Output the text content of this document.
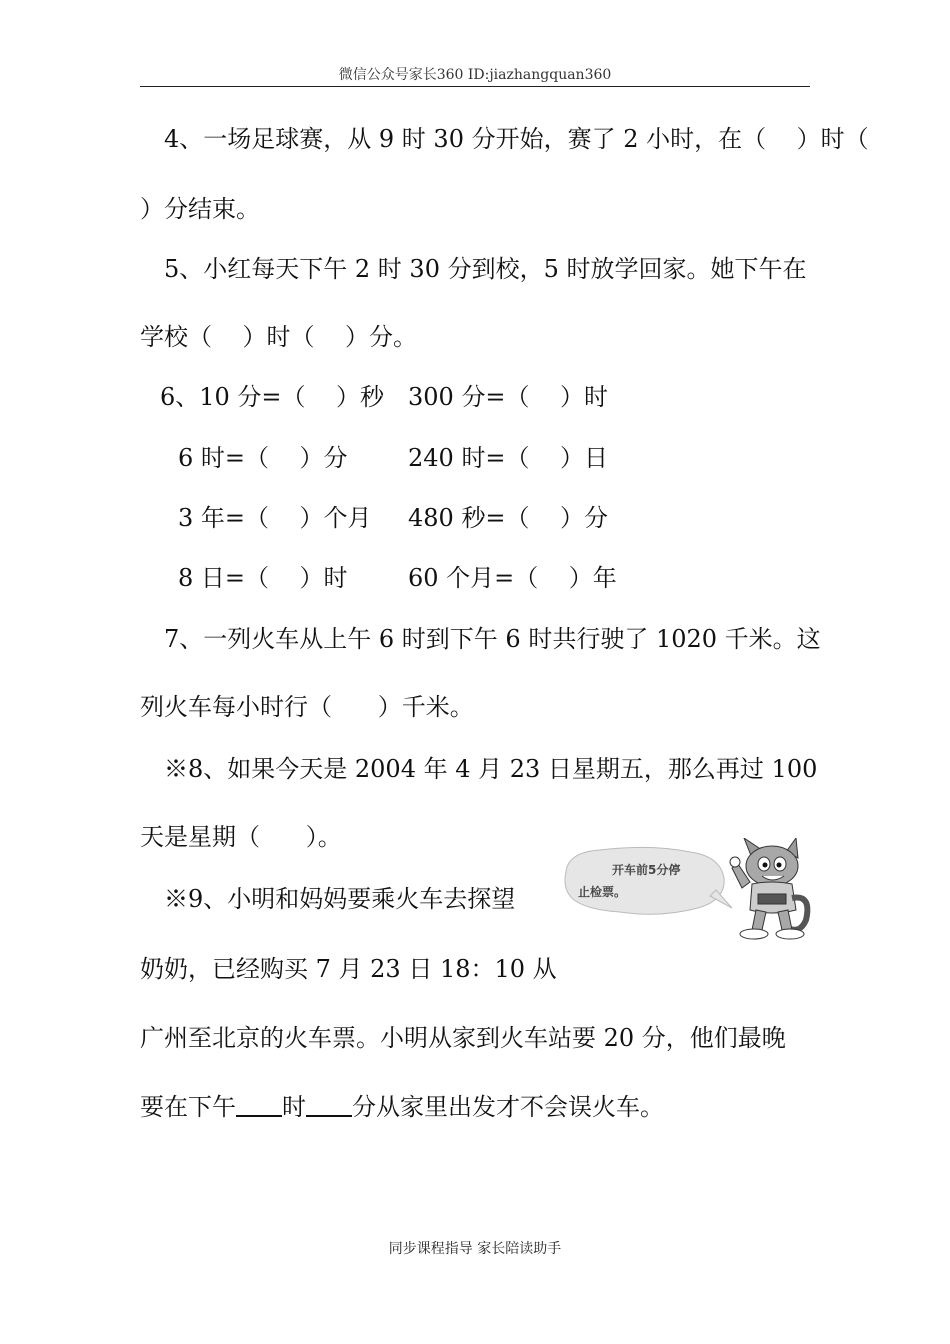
微信公众号家长360 ID:jiazhangquan360
4、一场足球赛，从 9 时 30 分开始，赛了 2 小时，在（    ）时（
）分结束。
5、小红每天下午 2 时 30 分到校，5 时放学回家。她下午在
学校（    ）时（    ）分。
6、10 分=（    ）秒 300 分=（    ）时
6 时=（    ）分	240 时=（    ）日
3 年=（    ）个月 480 秒=（    ）分
8 日=（    ）时	60 个月=（    ）年
7、一列火车从上午 6 时到下午 6 时共行驶了 1020 千米。这
列火车每小时行（      ）千米。
※8、如果今天是 2004 年 4 月 23 日星期五，那么再过 100
天是星期（      ）。
※9、小明和妈妈要乘火车去探望
奶奶，已经购买 7 月 23 日 18：10 从
广州至北京的火车票。小明从家到火车站要 20 分，他们最晚
要在下午 时 分从家里出发才不会误火车。
开车前5分停
止检票。
同步课程指导 家长陪读助手
